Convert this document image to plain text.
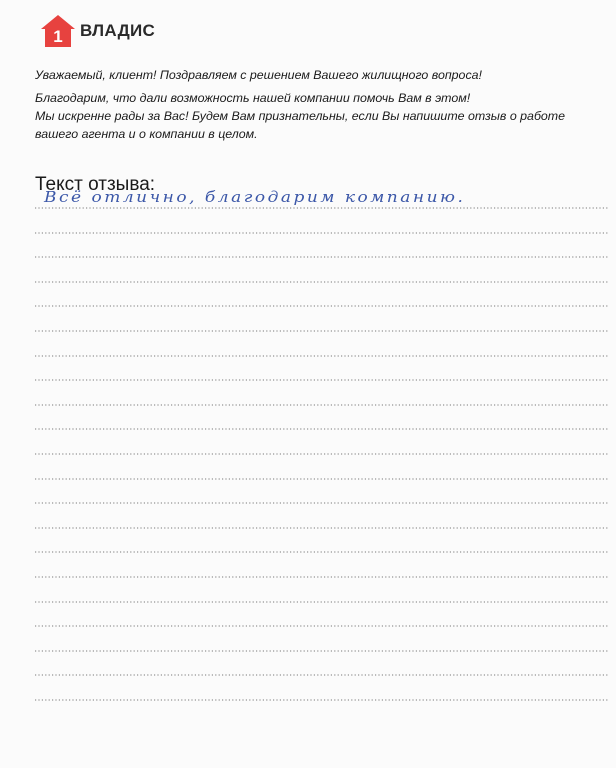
1 ВЛАДИС

Уважаемый, клиент! Поздравляем с решением Вашего жилищного вопроса!

Благодарим, что дали возможность нашей компании помочь Вам в этом!

Мы искренне рады за Вас! Будем Вам признательны, если Вы напишите отзыв о работе

вашего агента и о компании в целом.

Текст отзыва:
Всё отлично, благодарим компанию.
